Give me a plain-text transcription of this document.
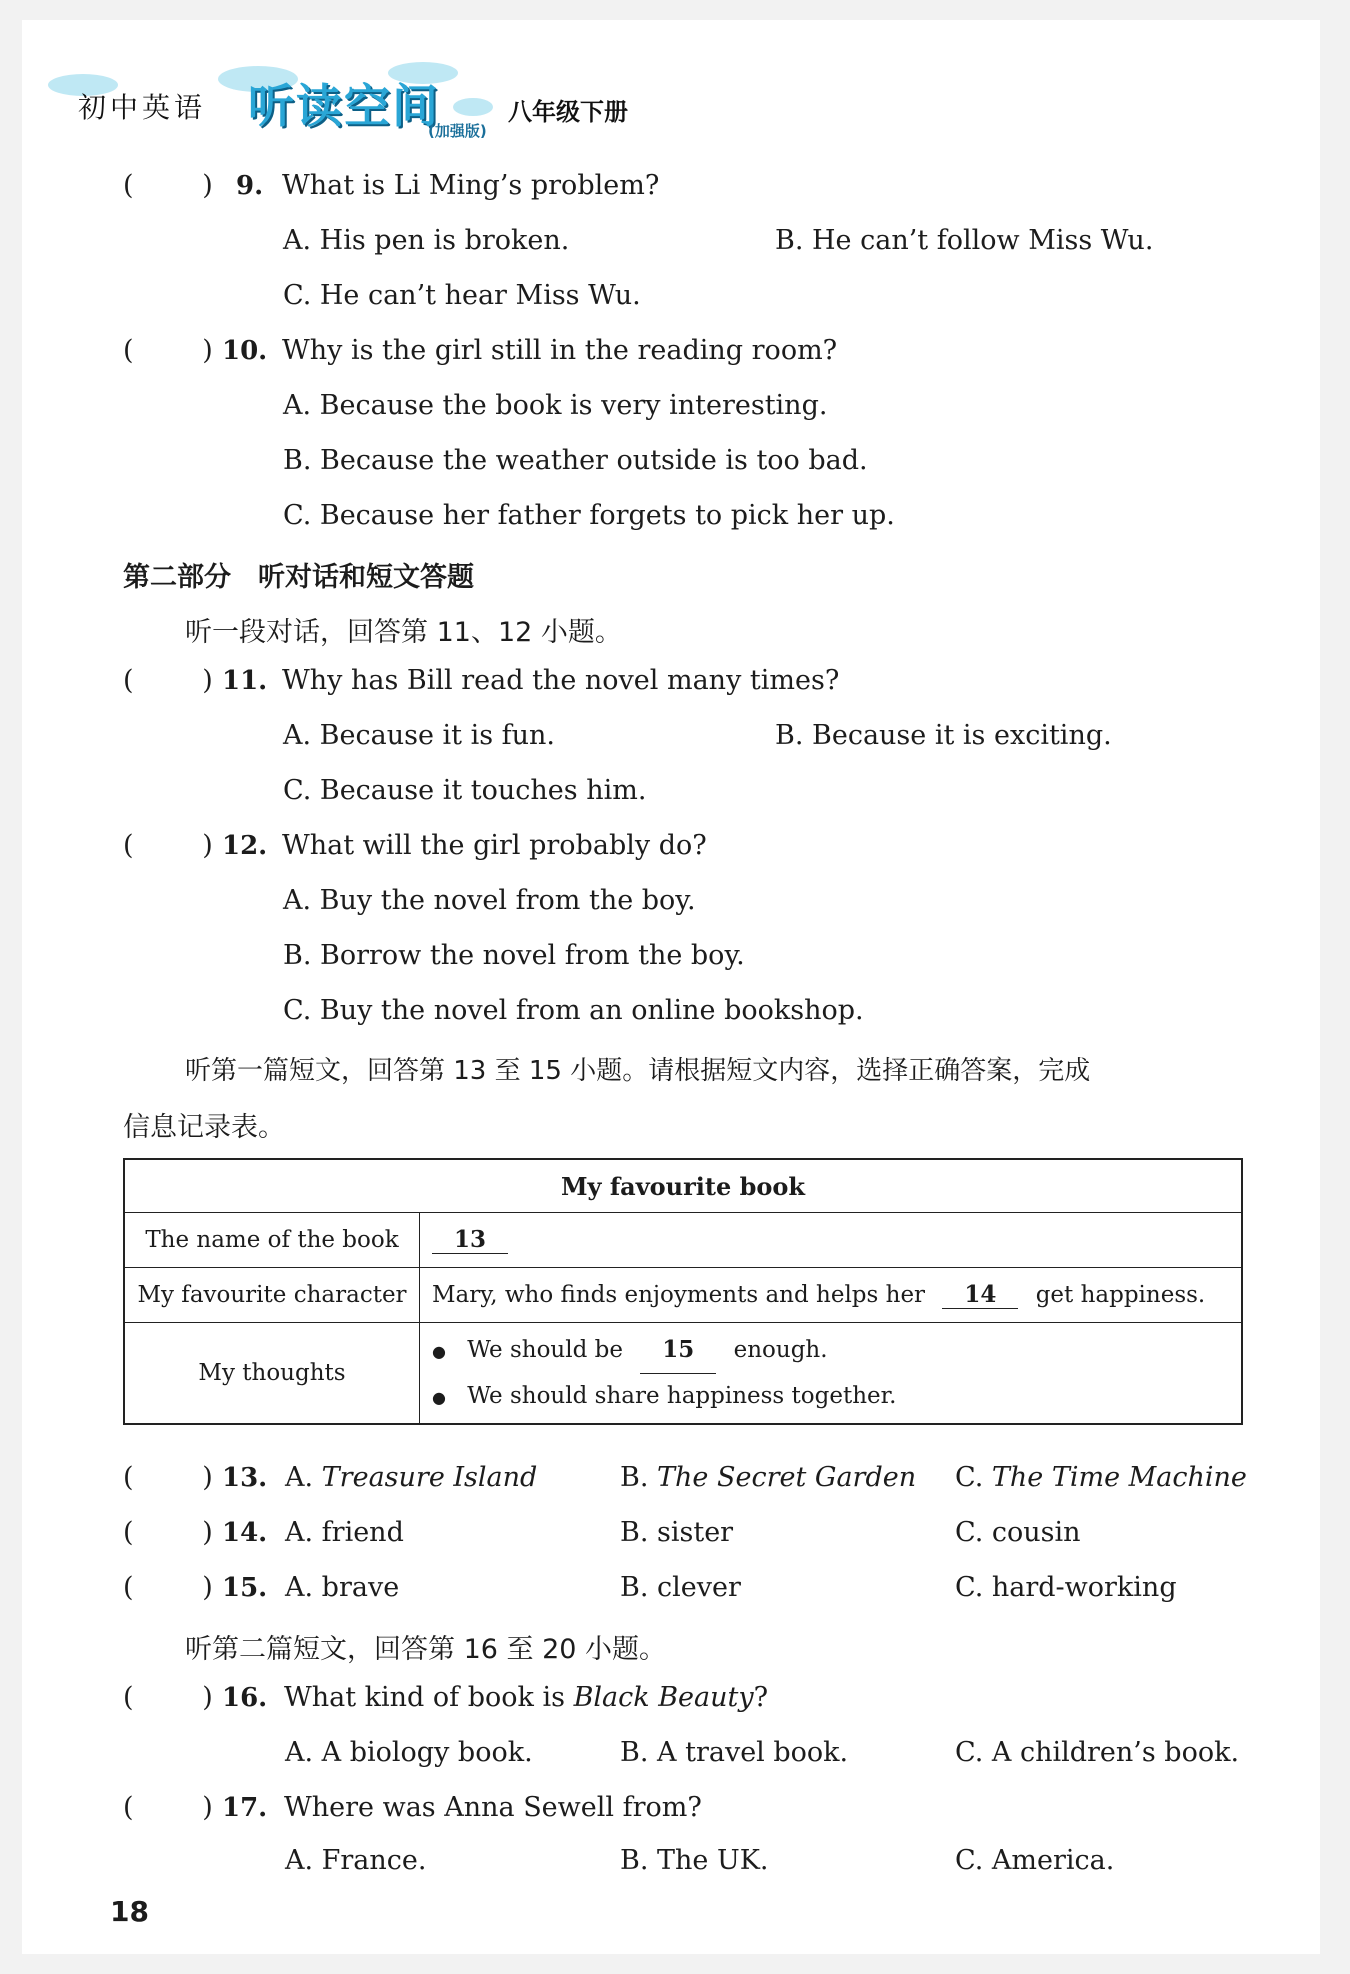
初中英语 听读空间
(加强版)
八年级下册
(        ) 9. What is Li Ming’s problem?
A. His pen is broken.	B. He can’t follow Miss Wu.
C. He can’t hear Miss Wu.
(        ) 10. Why is the girl still in the reading room?
A. Because the book is very interesting.
B. Because the weather outside is too bad.
C. Because her father forgets to pick her up.
第二部分　听对话和短文答题
听一段对话，回答第 11、12 小题。
(        ) 11. Why has Bill read the novel many times?
A. Because it is fun.	B. Because it is exciting.
C. Because it touches him.
(        ) 12. What will the girl probably do?
A. Buy the novel from the boy.
B. Borrow the novel from the boy.
C. Buy the novel from an online bookshop.
听第一篇短文，回答第 13 至 15 小题。请根据短文内容，选择正确答案，完成
信息记录表。
My favourite book	
The name of the book	13
My favourite character	Mary, who finds enjoyments and helps her 14 get happiness.
My thoughts	● We should be 15 enough.
● We should share happiness together.
(        ) 13. A. Treasure Island	B. The Secret Garden C. The Time Machine
(        ) 14. A. friend	B. sister	C. cousin
(        ) 15. A. brave	B. clever	C. hard-working
听第二篇短文，回答第 16 至 20 小题。
(        ) 16. What kind of book is Black Beauty?
A. A biology book.	B. A travel book.	C. A children’s book.
(        ) 17. Where was Anna Sewell from?
A. France.	B. The UK.	C. America.
18
